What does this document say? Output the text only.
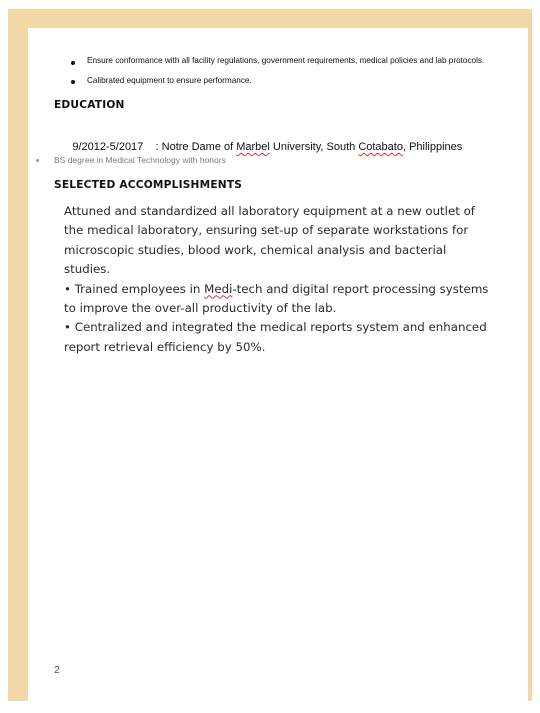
Ensure conformance with all facility regulations, government requirements, medical policies and lab protocols.
Calibrated equipment to ensure performance.
EDUCATION

9/2012-5/2017 : Notre Dame of Marbel University, South Cotabato, Philippines

BS degree in Medical Technology with honors
SELECTED ACCOMPLISHMENTS
Attuned and standardized all laboratory equipment at a new outlet of the medical laboratory, ensuring set-up of separate workstations for microscopic studies, blood work, chemical analysis and bacterial studies.
• Trained employees in Medi-tech and digital report processing systems to improve the over-all productivity of the lab.
• Centralized and integrated the medical reports system and enhanced report retrieval efficiency by 50%.
2
